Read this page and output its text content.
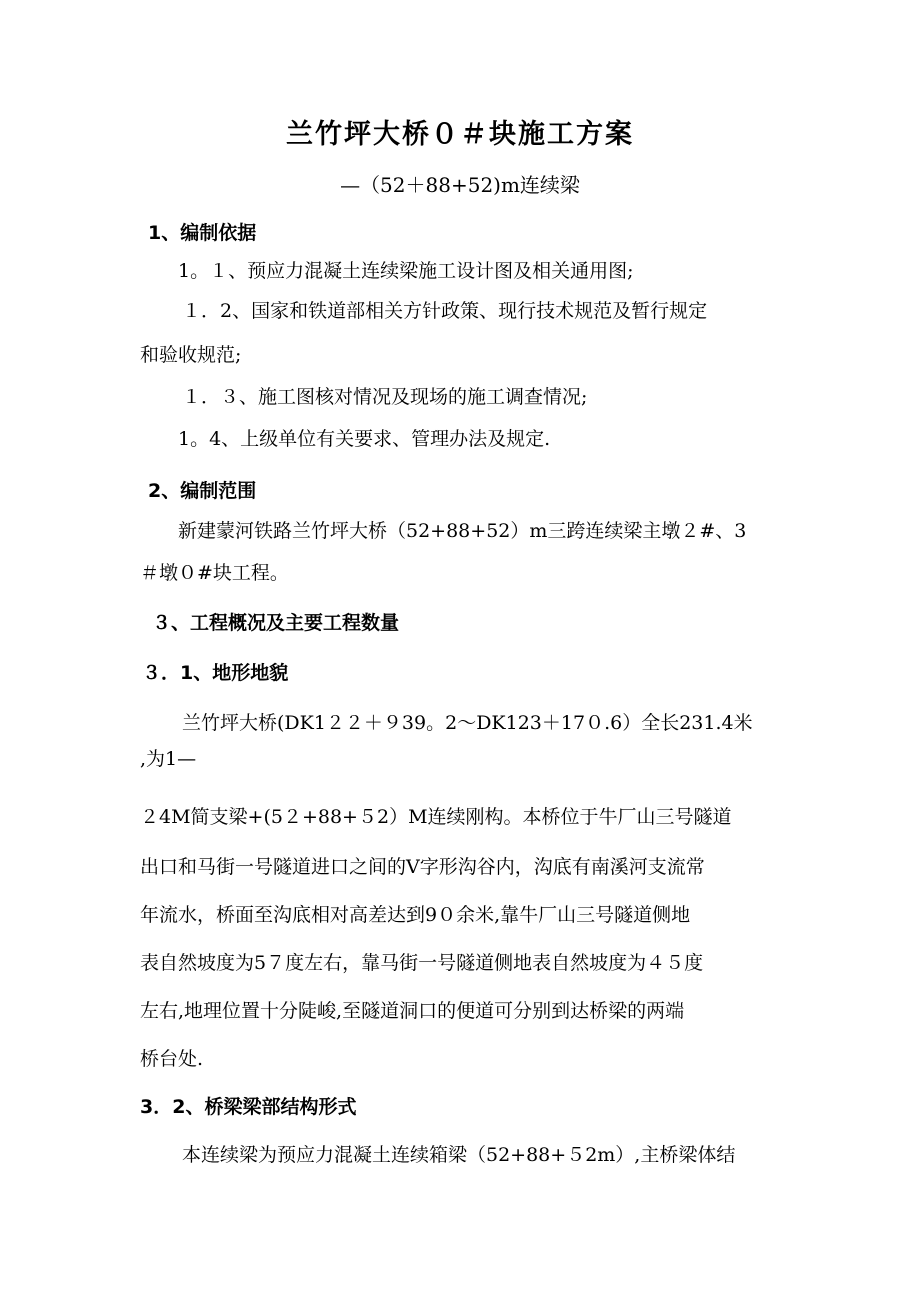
兰竹坪大桥０＃块施工方案
—（52＋88+52)m连续梁
1、编制依据
1。１、预应力混凝土连续梁施工设计图及相关通用图;
１．2、国家和铁道部相关方针政策、现行技术规范及暂行规定
和验收规范;
１．３、施工图核对情况及现场的施工调查情况;
1。4、上级单位有关要求、管理办法及规定.
2、编制范围
新建蒙河铁路兰竹坪大桥（52+88+52）m三跨连续梁主墩２#、3
＃墩０#块工程。
３、工程概况及主要工程数量
３．1、地形地貌
兰竹坪大桥(DK1２２＋９39。2～DK123＋17０.6）全长231.4米
,为1—
２4M简支梁+(5２+88+５2）M连续刚构。本桥位于牛厂山三号隧道
出口和马街一号隧道进口之间的V字形沟谷内，沟底有南溪河支流常
年流水，桥面至沟底相对高差达到9０余米,靠牛厂山三号隧道侧地
表自然坡度为5７度左右，靠马街一号隧道侧地表自然坡度为４５度
左右,地理位置十分陡峻,至隧道洞口的便道可分别到达桥梁的两端
桥台处.
3．2、桥梁梁部结构形式
本连续梁为预应力混凝土连续箱梁（52+88+５2m）,主桥梁体结
